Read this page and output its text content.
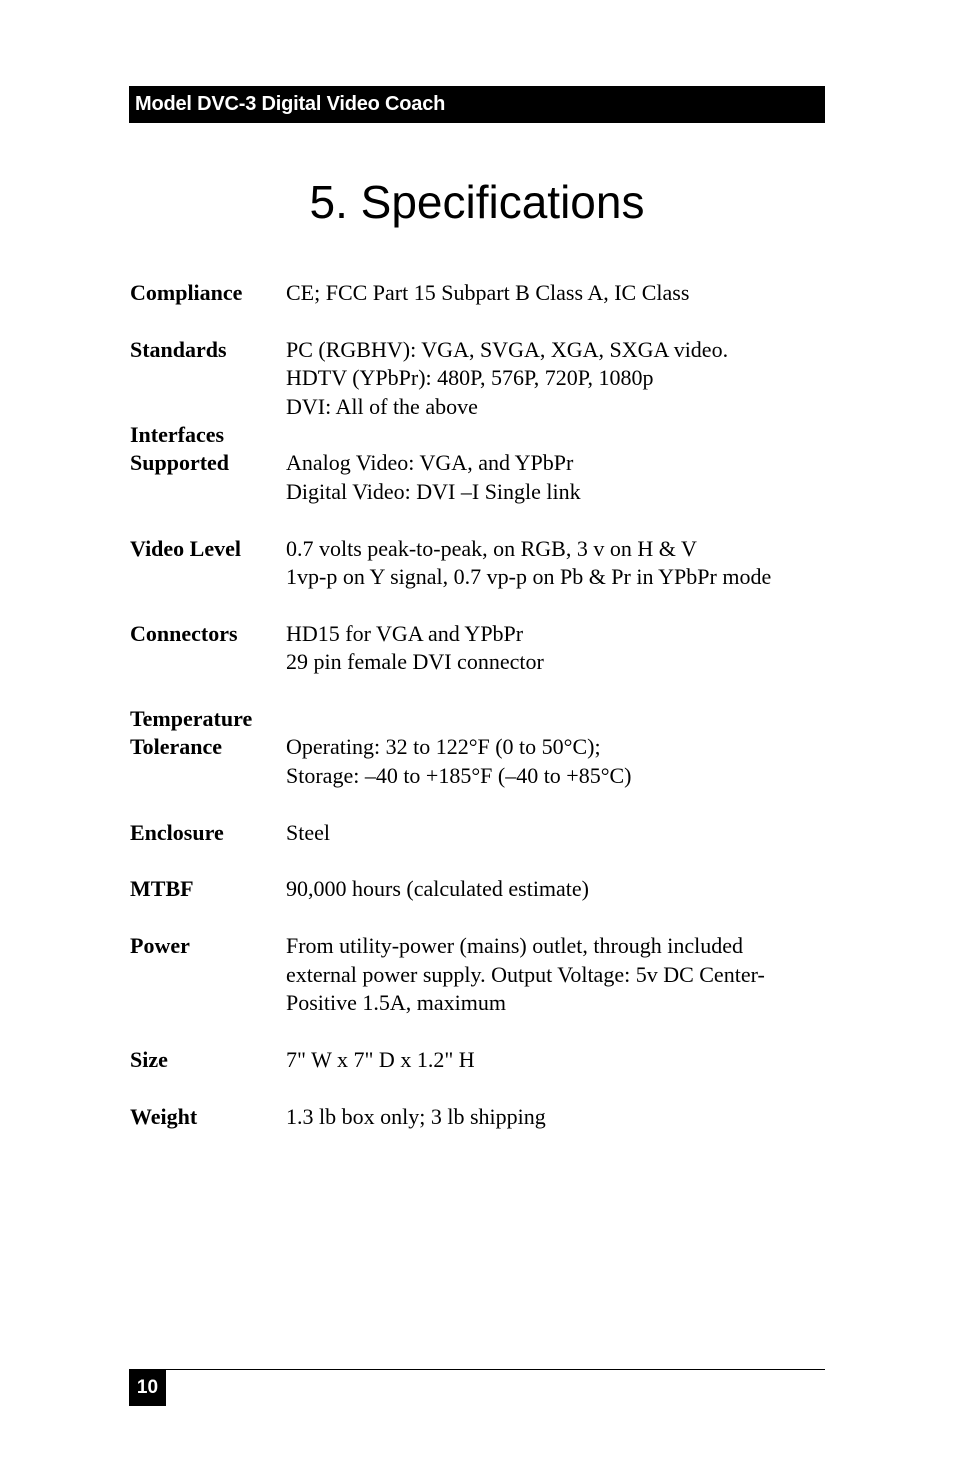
Model DVC-3 Digital Video Coach
5. Specifications
Compliance	CE; FCC Part 15 Subpart B Class A, IC Class
Standards	PC (RGBHV): VGA, SVGA, XGA, SXGA video.
HDTV (YPbPr): 480P, 576P, 720P, 1080p
DVI: All of the above
Interfaces
Supported
	Analog Video: VGA, and YPbPr
Digital Video: DVI –I Single link
Video Level	0.7 volts peak-to-peak, on RGB, 3 v on H & V
1vp-p on Y signal, 0.7 vp-p on Pb & Pr in YPbPr mode
Connectors	HD15 for VGA and YPbPr
29 pin female DVI connector
Temperature
Tolerance
	Operating: 32 to 122°F (0 to 50°C);
Storage: –40 to +185°F (–40 to +85°C)
Enclosure	Steel
MTBF	90,000 hours (calculated estimate)
Power	From utility-power (mains) outlet, through included
external power supply. Output Voltage: 5v DC Center-
Positive 1.5A, maximum
Size	7" W x 7" D x 1.2" H
Weight	1.3 lb box only; 3 lb shipping
10
